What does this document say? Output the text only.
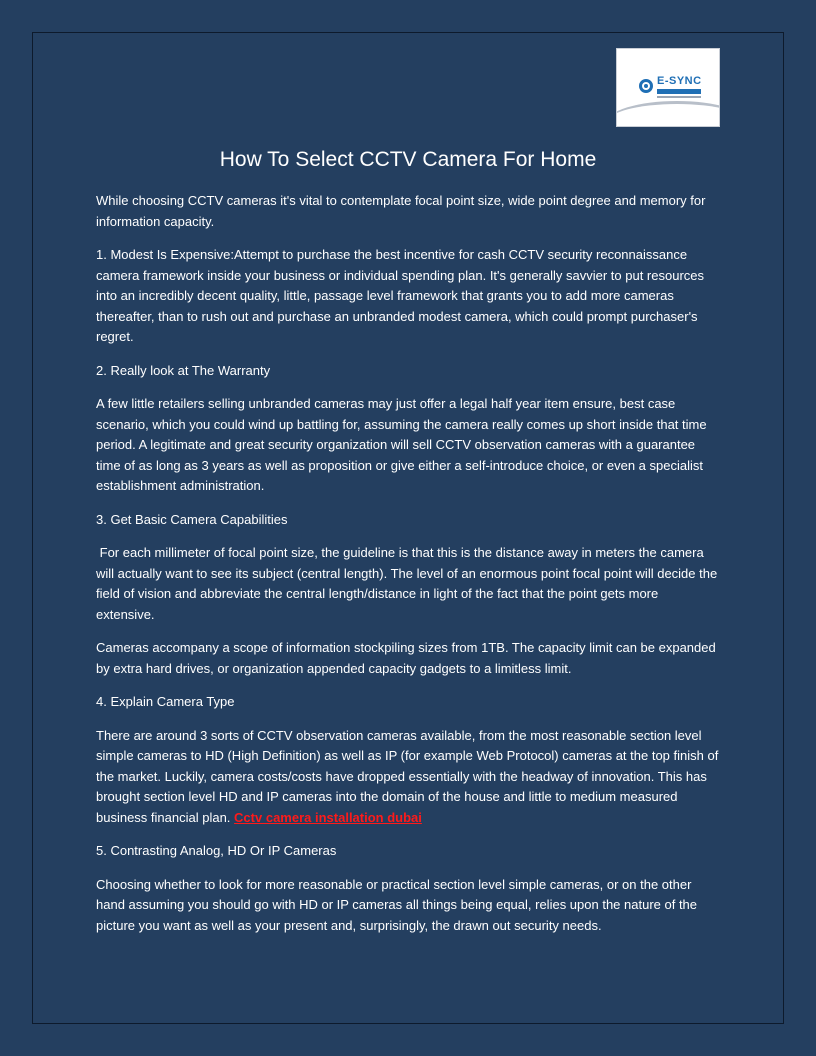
E-SYNC
How To Select CCTV Camera For Home

While choosing CCTV cameras it's vital to contemplate focal point size, wide point degree and memory for information capacity.

1. Modest Is Expensive:Attempt to purchase the best incentive for cash CCTV security reconnaissance camera framework inside your business or individual spending plan. It's generally savvier to put resources into an incredibly decent quality, little, passage level framework that grants you to add more cameras thereafter, than to rush out and purchase an unbranded modest camera, which could prompt purchaser's regret.

2. Really look at The Warranty

A few little retailers selling unbranded cameras may just offer a legal half year item ensure, best case scenario, which you could wind up battling for, assuming the camera really comes up short inside that time period. A legitimate and great security organization will sell CCTV observation cameras with a guarantee time of as long as 3 years as well as proposition or give either a self-introduce choice, or even a specialist establishment administration.

3. Get Basic Camera Capabilities

For each millimeter of focal point size, the guideline is that this is the distance away in meters the camera will actually want to see its subject (central length). The level of an enormous point focal point will decide the field of vision and abbreviate the central length/distance in light of the fact that the point gets more extensive.

Cameras accompany a scope of information stockpiling sizes from 1TB. The capacity limit can be expanded by extra hard drives, or organization appended capacity gadgets to a limitless limit.

4. Explain Camera Type

There are around 3 sorts of CCTV observation cameras available, from the most reasonable section level simple cameras to HD (High Definition) as well as IP (for example Web Protocol) cameras at the top finish of the market. Luckily, camera costs/costs have dropped essentially with the headway of innovation. This has brought section level HD and IP cameras into the domain of the house and little to medium measured business financial plan. Cctv camera installation dubai

5. Contrasting Analog, HD Or IP Cameras

Choosing whether to look for more reasonable or practical section level simple cameras, or on the other hand assuming you should go with HD or IP cameras all things being equal, relies upon the nature of the picture you want as well as your present and, surprisingly, the drawn out security needs.
